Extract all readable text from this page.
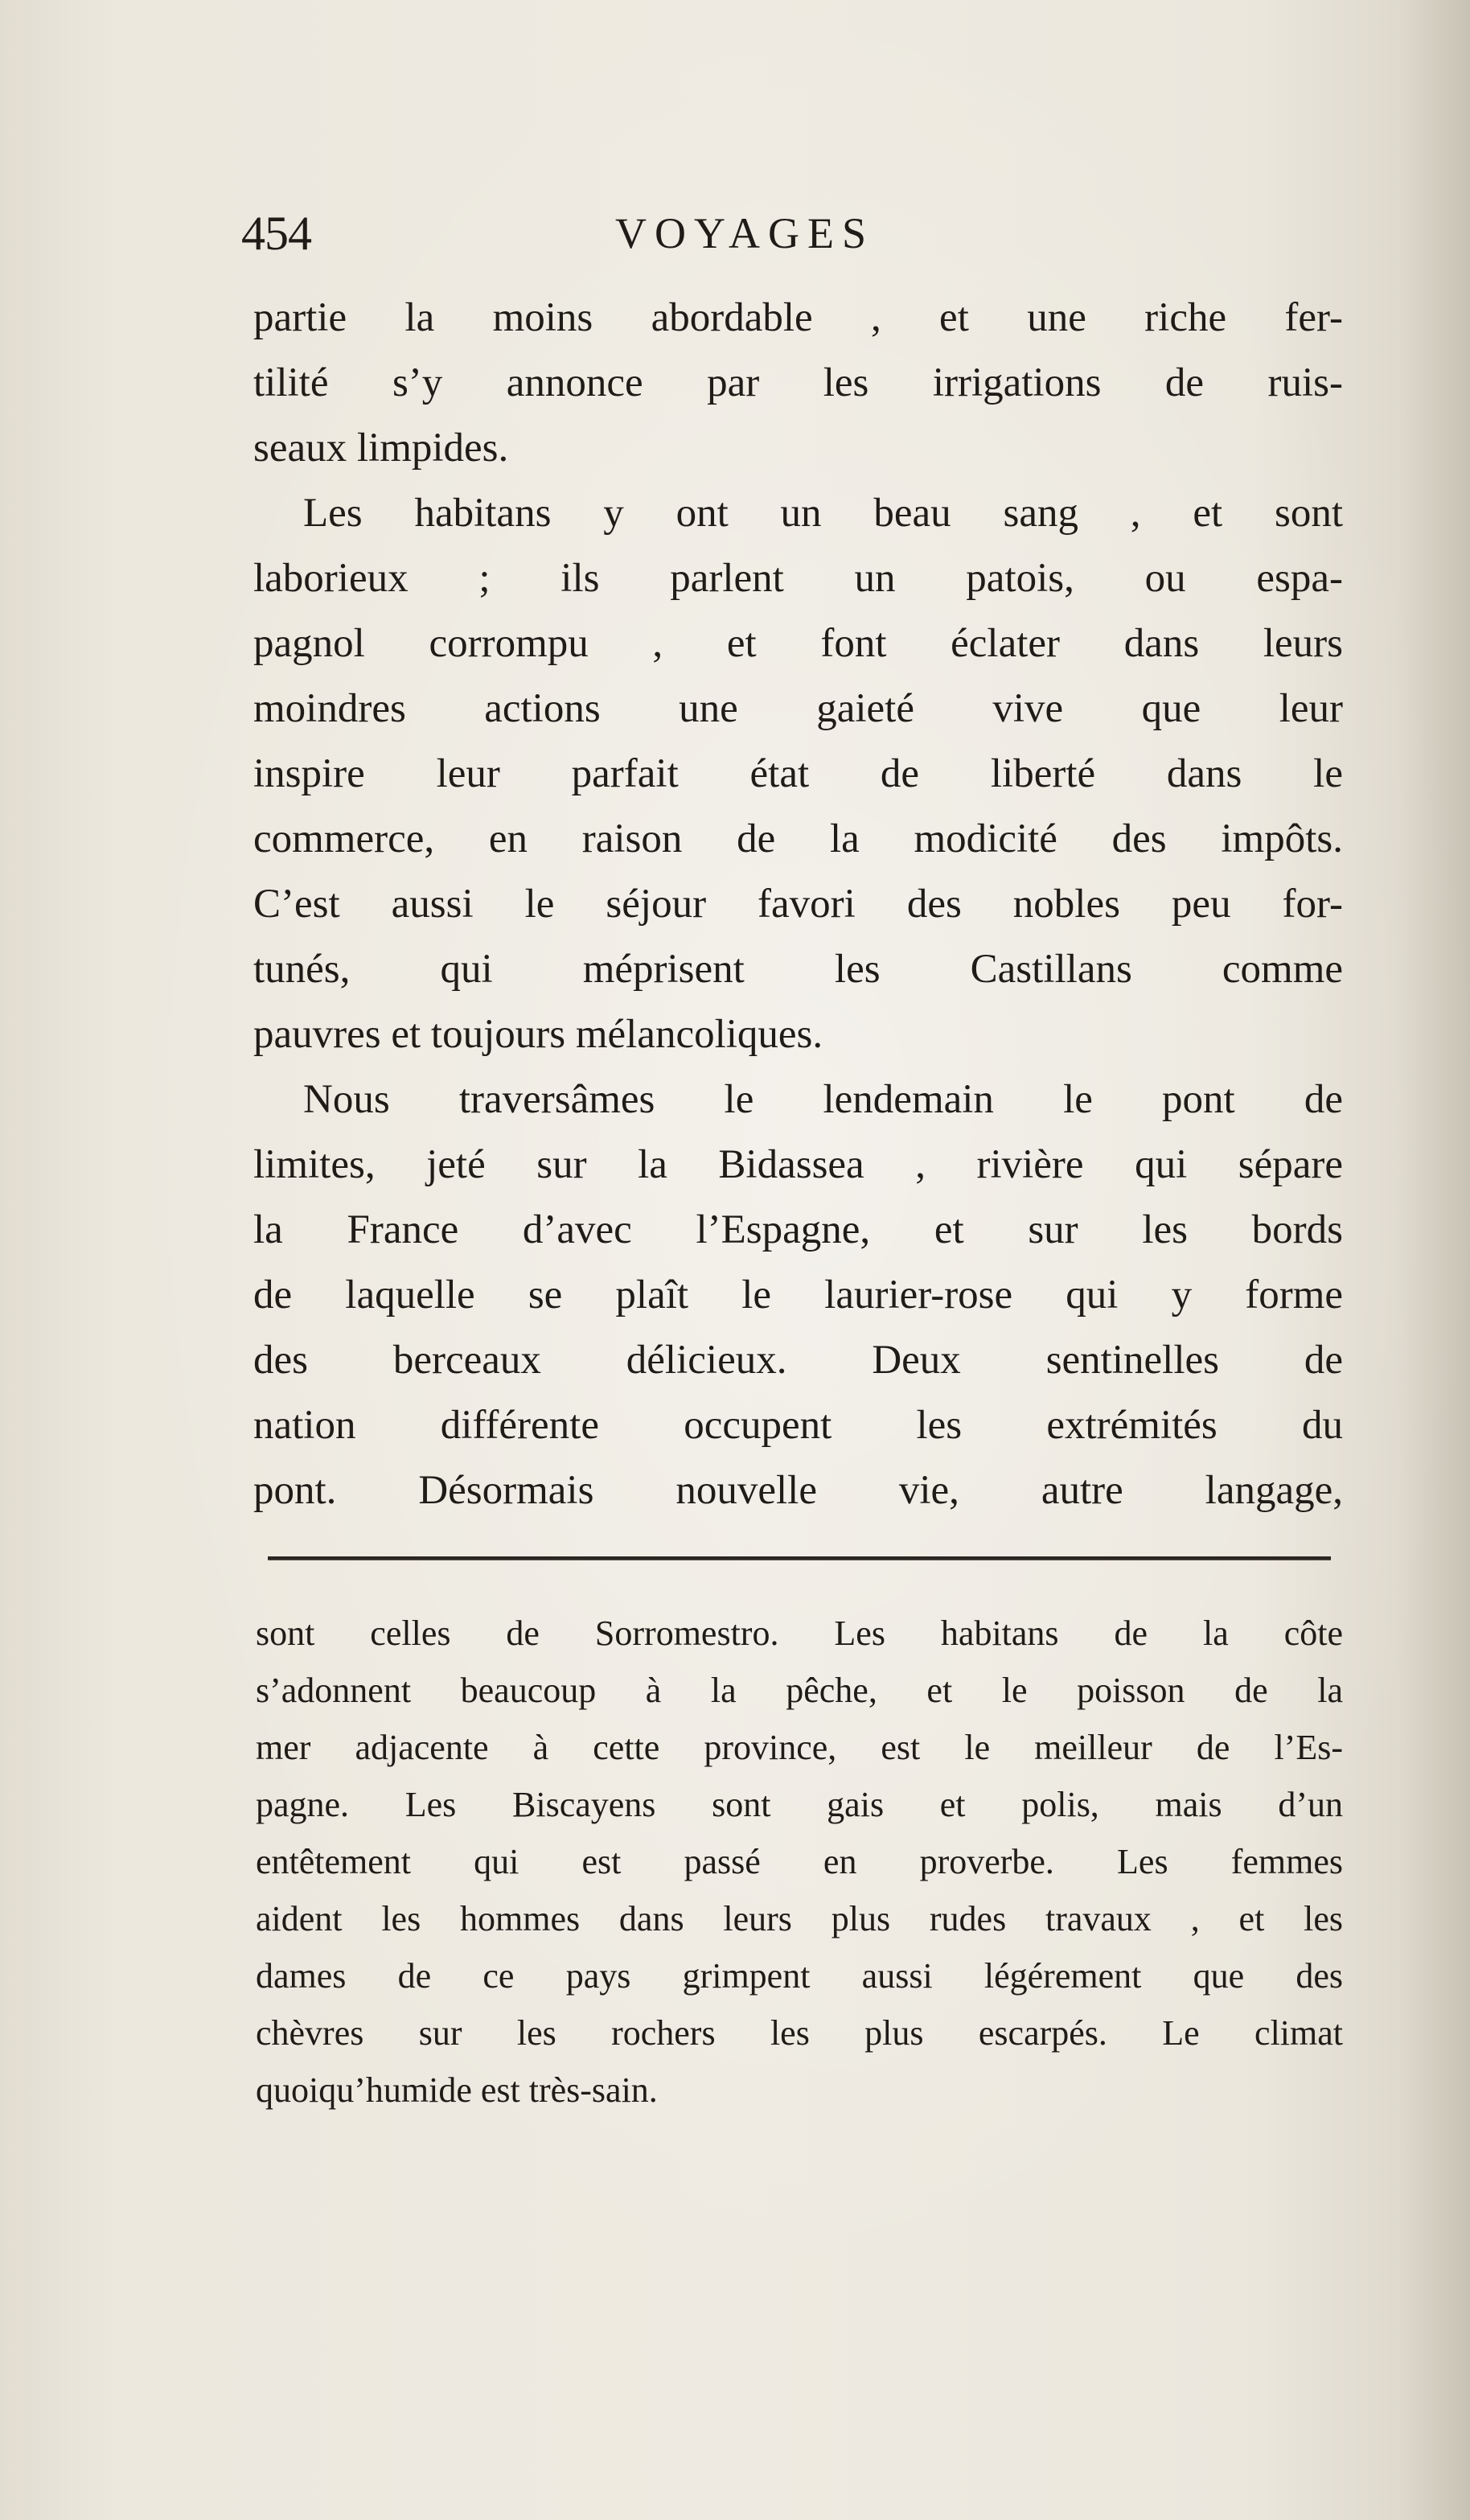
454	VOYAGES
partie la moins abordable , et une riche fer-
tilité s’y annonce par les irrigations de ruis-
seaux limpides.
Les habitans y ont un beau sang , et sont
laborieux ; ils parlent un patois, ou espa-
pagnol corrompu , et font éclater dans leurs
moindres actions une gaieté vive que leur
inspire leur parfait état de liberté dans le
commerce, en raison de la modicité des impôts.
C’est aussi le séjour favori des nobles peu for-
tunés, qui méprisent les Castillans comme
pauvres et toujours mélancoliques.
Nous traversâmes le lendemain le pont de
limites, jeté sur la Bidassea , rivière qui sépare
la France d’avec l’Espagne, et sur les bords
de laquelle se plaît le laurier-rose qui y forme
des berceaux délicieux. Deux sentinelles de
nation différente occupent les extrémités du
pont. Désormais nouvelle vie, autre langage,
sont celles de Sorromestro. Les habitans de la côte
s’adonnent beaucoup à la pêche, et le poisson de la
mer adjacente à cette province, est le meilleur de l’Es-
pagne. Les Biscayens sont gais et polis, mais d’un
entêtement qui est passé en proverbe. Les femmes
aident les hommes dans leurs plus rudes travaux , et les
dames de ce pays grimpent aussi légérement que des
chèvres sur les rochers les plus escarpés. Le climat
quoiqu’humide est très-sain.
